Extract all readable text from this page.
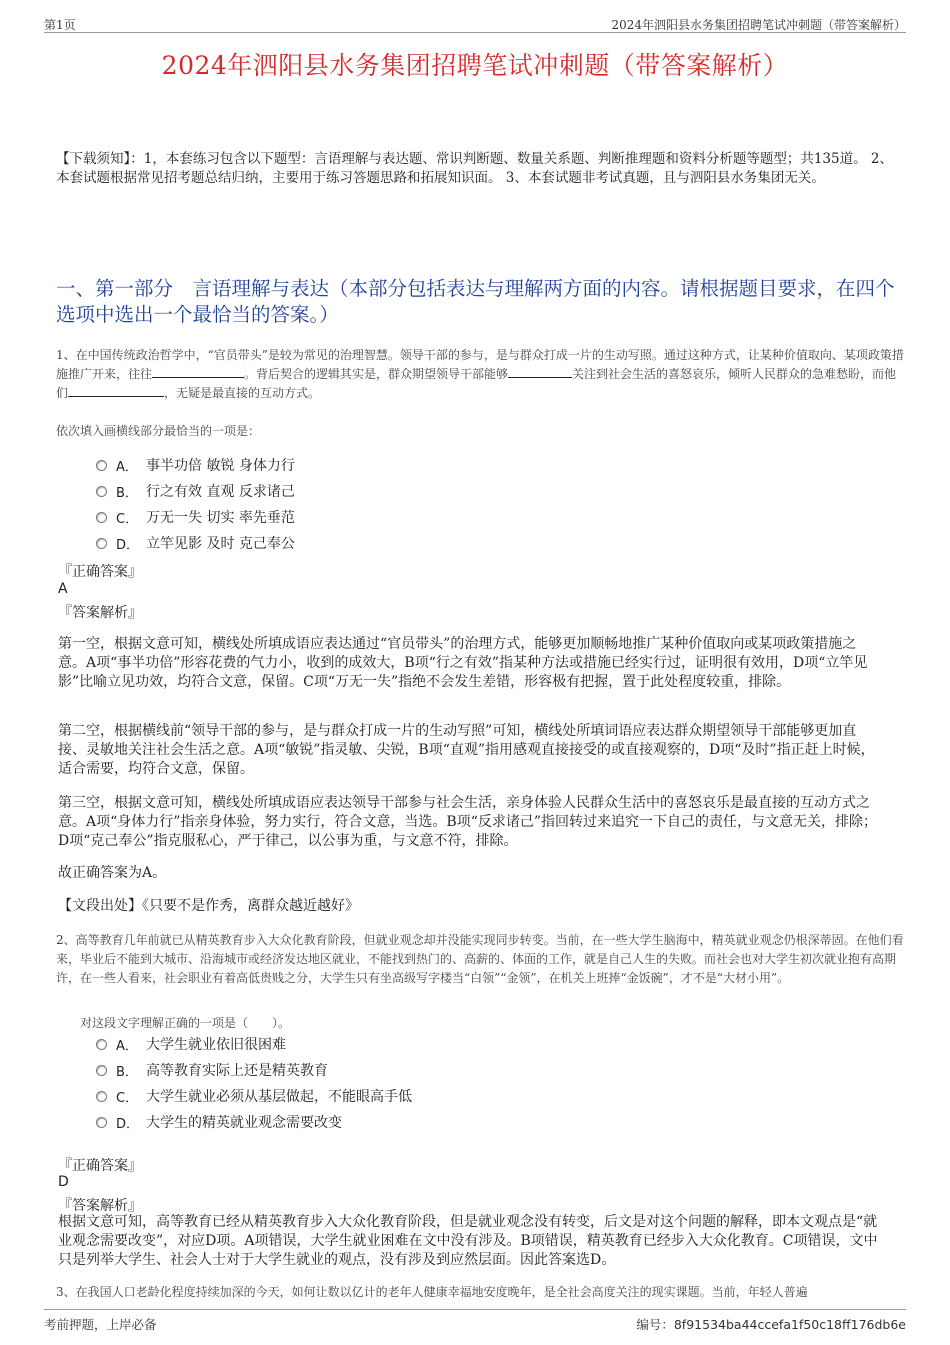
第1页	2024年泗阳县水务集团招聘笔试冲刺题（带答案解析）
2024年泗阳县水务集团招聘笔试冲刺题（带答案解析）
【下载须知】：1，本套练习包含以下题型：言语理解与表达题、常识判断题、数量关系题、判断推理题和资料分析题等题型；共135道。 2、本套试题根据常见招考题总结归纳，主要用于练习答题思路和拓展知识面。 3、本套试题非考试真题，且与泗阳县水务集团无关。
一、第一部分　言语理解与表达（本部分包括表达与理解两方面的内容。请根据题目要求，在四个选项中选出一个最恰当的答案。）
1、在中国传统政治哲学中，“官员带头”是较为常见的治理智慧。领导干部的参与，是与群众打成一片的生动写照。通过这种方式，让某种价值取向、某项政策措施推广开来，往往	。背后契合的逻辑其实是，群众期望领导干部能够	关注到社会生活的喜怒哀乐，倾听人民群众的急难愁盼，而他们	，无疑是最直接的互动方式。
依次填入画横线部分最恰当的一项是：
A． 事半功倍 敏锐 身体力行
B． 行之有效 直观 反求诸己
C． 万无一失 切实 率先垂范
D． 立竿见影 及时 克己奉公
『正确答案』
A
『答案解析』
第一空，根据文意可知，横线处所填成语应表达通过“官员带头”的治理方式，能够更加顺畅地推广某种价值取向或某项政策措施之意。A项“事半功倍”形容花费的气力小，收到的成效大，B项“行之有效”指某种方法或措施已经实行过，证明很有效用，D项“立竿见影”比喻立见功效，均符合文意，保留。C项“万无一失”指绝不会发生差错，形容极有把握，置于此处程度较重，排除。
第二空，根据横线前“领导干部的参与，是与群众打成一片的生动写照”可知，横线处所填词语应表达群众期望领导干部能够更加直接、灵敏地关注社会生活之意。A项“敏锐”指灵敏、尖锐，B项“直观”指用感观直接接受的或直接观察的，D项“及时”指正赶上时候，适合需要，均符合文意，保留。
第三空，根据文意可知，横线处所填成语应表达领导干部参与社会生活，亲身体验人民群众生活中的喜怒哀乐是最直接的互动方式之意。A项“身体力行”指亲身体验，努力实行，符合文意，当选。B项“反求诸己”指回转过来追究一下自己的责任，与文意无关，排除；D项“克己奉公”指克服私心，严于律己，以公事为重，与文意不符，排除。
故正确答案为A。
【文段出处】《只要不是作秀，离群众越近越好》
2、高等教育几年前就已从精英教育步入大众化教育阶段，但就业观念却并没能实现同步转变。当前，在一些大学生脑海中，精英就业观念仍根深蒂固。在他们看来，毕业后不能到大城市、沿海城市或经济发达地区就业，不能找到热门的、高薪的、体面的工作，就是自己人生的失败。而社会也对大学生初次就业抱有高期许，在一些人看来，社会职业有着高低贵贱之分，大学生只有坐高级写字楼当“白领”“金领”，在机关上班捧“金饭碗”，才不是“大材小用”。
对这段文字理解正确的一项是（　　）。
A． 大学生就业依旧很困难
B． 高等教育实际上还是精英教育
C． 大学生就业必须从基层做起，不能眼高手低
D． 大学生的精英就业观念需要改变
『正确答案』
D
『答案解析』
根据文意可知，高等教育已经从精英教育步入大众化教育阶段，但是就业观念没有转变，后文是对这个问题的解释，即本文观点是“就业观念需要改变”，对应D项。A项错误，大学生就业困难在文中没有涉及。B项错误，精英教育已经步入大众化教育。C项错误，文中只是列举大学生、社会人士对于大学生就业的观点，没有涉及到应然层面。因此答案选D。
3、在我国人口老龄化程度持续加深的今天，如何让数以亿计的老年人健康幸福地安度晚年，是全社会高度关注的现实课题。当前，年轻人普遍
考前押题，上岸必备	编号：8f91534ba44ccefa1f50c18ff176db6e
